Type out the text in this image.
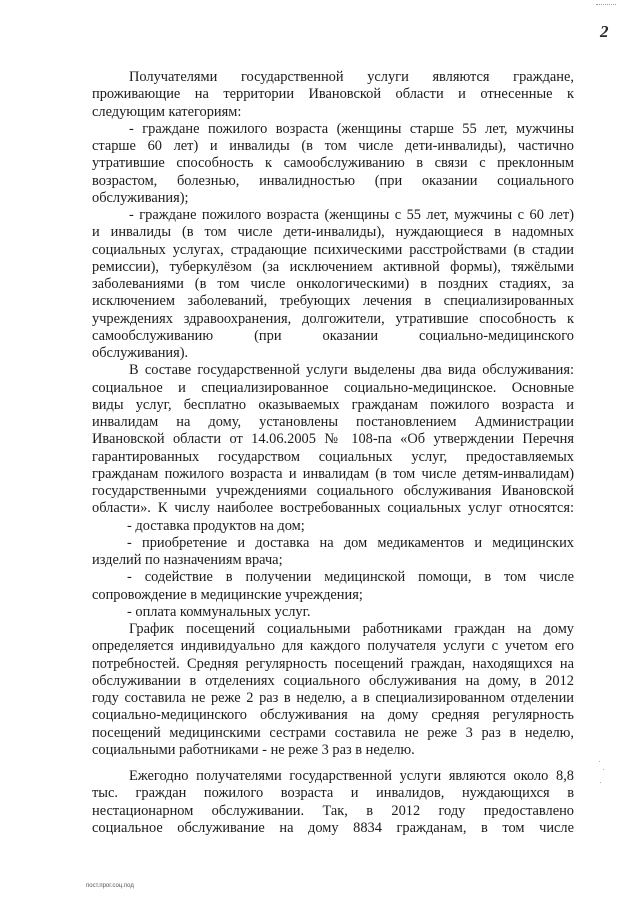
2
Получателями государственной услуги являются граждане,
проживающие на территории Ивановской области и отнесенные к
следующим категориям:
- граждане пожилого возраста (женщины старше 55 лет, мужчины
старше 60 лет) и инвалиды (в том числе дети-инвалиды), частично
утратившие способность к самообслуживанию в связи с преклонным
возрастом, болезнью, инвалидностью (при оказании социального
обслуживания);
- граждане пожилого возраста (женщины с 55 лет, мужчины с 60 лет)
и инвалиды (в том числе дети-инвалиды), нуждающиеся в надомных
социальных услугах, страдающие психическими расстройствами (в стадии
ремиссии), туберкулёзом (за исключением активной формы), тяжёлыми
заболеваниями (в том числе онкологическими) в поздних стадиях, за
исключением заболеваний, требующих лечения в специализированных
учреждениях здравоохранения, долгожители, утратившие способность к
самообслуживанию (при оказании социально-медицинского
обслуживания).
В составе государственной услуги выделены два вида обслуживания:
социальное и специализированное социально-медицинское. Основные
виды услуг, бесплатно оказываемых гражданам пожилого возраста и
инвалидам на дому, установлены постановлением Администрации
Ивановской области от 14.06.2005 № 108-па «Об утверждении Перечня
гарантированных государством социальных услуг, предоставляемых
гражданам пожилого возраста и инвалидам (в том числе детям-инвалидам)
государственными учреждениями социального обслуживания Ивановской
области». К числу наиболее востребованных социальных услуг относятся:
- доставка продуктов на дом;
- приобретение и доставка на дом медикаментов и медицинских
изделий по назначениям врача;
- содействие в получении медицинской помощи, в том числе
сопровождение в медицинские учреждения;
- оплата коммунальных услуг.
График посещений социальными работниками граждан на дому
определяется индивидуально для каждого получателя услуги с учетом его
потребностей. Средняя регулярность посещений граждан, находящихся на
обслуживании в отделениях социального обслуживания на дому, в 2012
году составила не реже 2 раз в неделю, а в специализированном отделении
социально-медицинского обслуживания на дому средняя регулярность
посещений медицинскими сестрами составила не реже 3 раз в неделю,
социальными работниками - не реже 3 раз в неделю.
Ежегодно получателями государственной услуги являются около 8,8
тыс. граждан пожилого возраста и инвалидов, нуждающихся в
нестационарном обслуживании. Так, в 2012 году предоставлено
социальное обслуживание на дому 8834 гражданам, в том числе
пост.прог.соц.под
